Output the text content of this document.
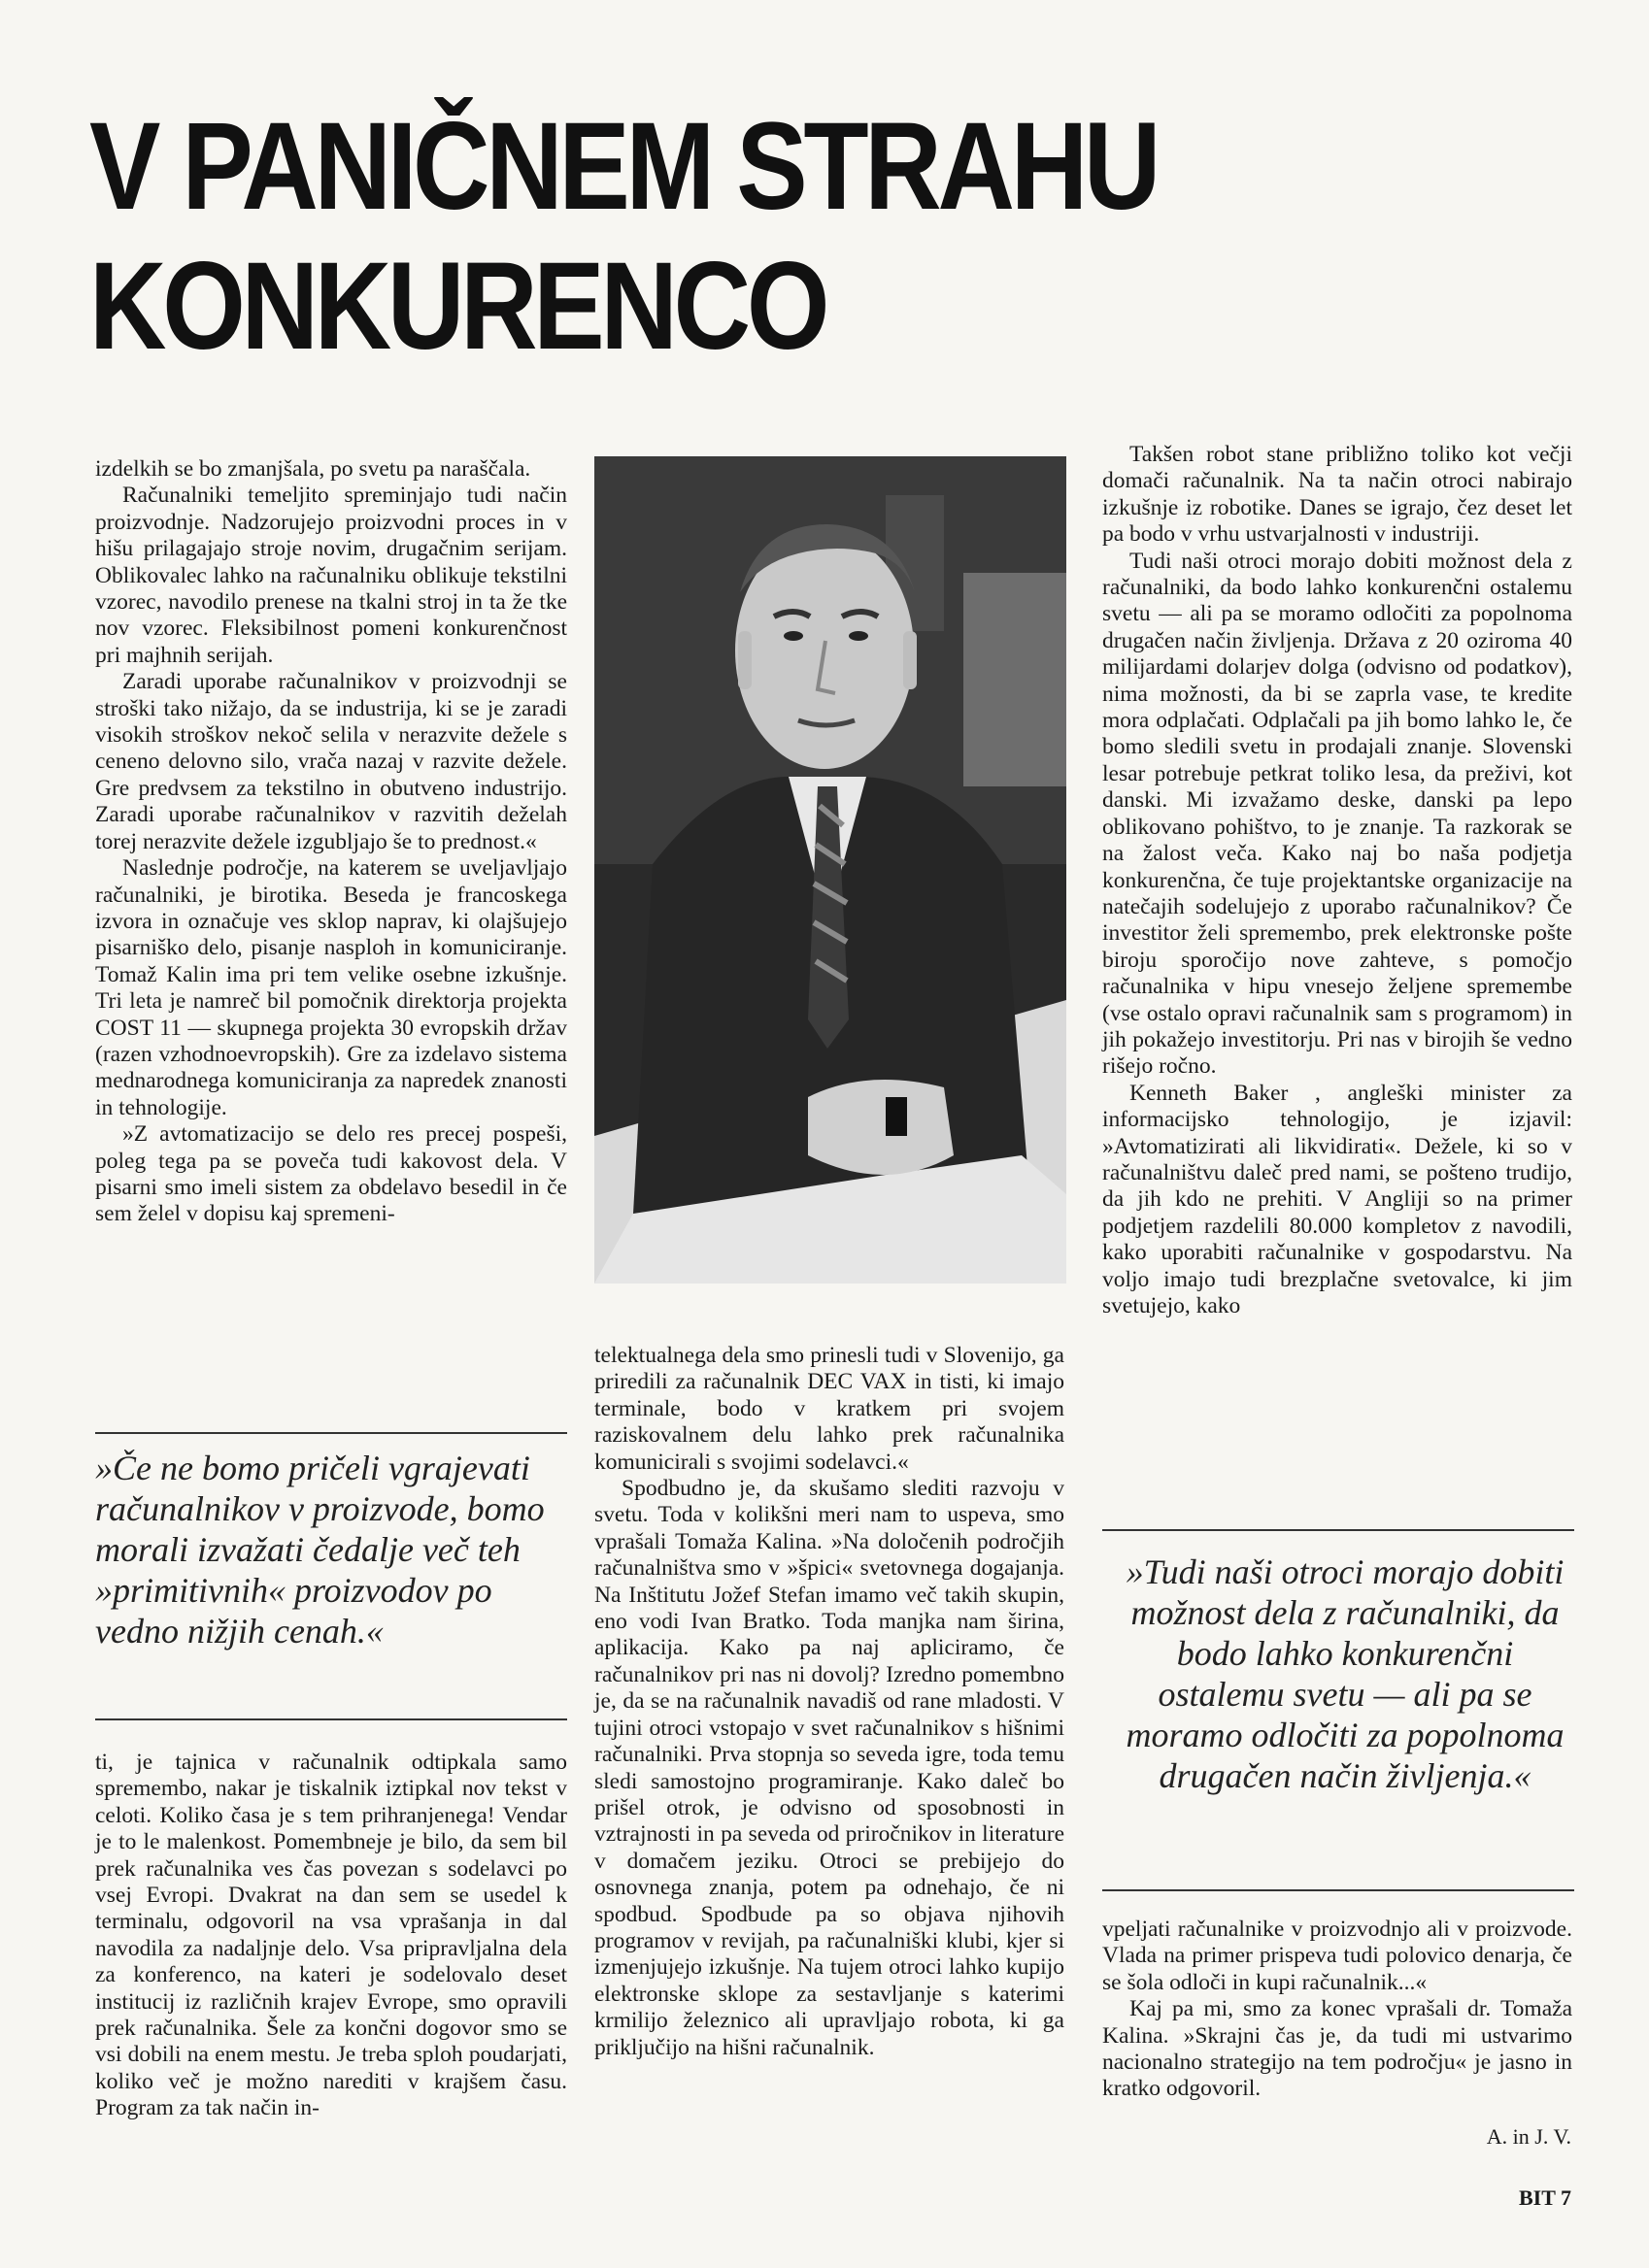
V PANIČNEM STRAHU
KONKURENCO

izdelkih se bo zmanjšala, po svetu pa naraščala.

Računalniki temeljito spreminjajo tudi način proizvodnje. Nadzorujejo proizvodni proces in v hišu prilagajajo stroje novim, drugačnim serijam. Oblikovalec lahko na računalniku oblikuje tekstilni vzorec, navodilo prenese na tkalni stroj in ta že tke nov vzorec. Fleksibilnost pomeni konkurenčnost pri majhnih serijah.

Zaradi uporabe računalnikov v proizvodnji se stroški tako nižajo, da se industrija, ki se je zaradi visokih stroškov nekoč selila v nerazvite dežele s ceneno delovno silo, vrača nazaj v razvite dežele. Gre predvsem za tekstilno in obutveno industrijo. Zaradi uporabe računalnikov v razvitih deželah torej nerazvite dežele izgubljajo še to prednost.«

Naslednje področje, na katerem se uveljavljajo računalniki, je birotika. Beseda je francoskega izvora in označuje ves sklop naprav, ki olajšujejo pisarniško delo, pisanje nasploh in komuniciranje. Tomaž Kalin ima pri tem velike osebne izkušnje. Tri leta je namreč bil pomočnik direktorja projekta COST 11 — skupnega projekta 30 evropskih držav (razen vzhodnoevropskih). Gre za izdelavo sistema mednarodnega komuniciranja za napredek znanosti in tehnologije.

»Z avtomatizacijo se delo res precej pospeši, poleg tega pa se poveča tudi kakovost dela. V pisarni smo imeli sistem za obdelavo besedil in če sem želel v dopisu kaj spremeni-

»Če ne bomo pričeli vgrajevati računalnikov v proizvode, bomo morali izvažati čedalje več teh »primitivnih« proizvodov po vedno nižjih cenah.«

ti, je tajnica v računalnik odtipkala samo spremembo, nakar je tiskalnik iztipkal nov tekst v celoti. Koliko časa je s tem prihranjenega! Vendar je to le malenkost. Pomembneje je bilo, da sem bil prek računalnika ves čas povezan s sodelavci po vsej Evropi. Dvakrat na dan sem se usedel k terminalu, odgovoril na vsa vprašanja in dal navodila za nadaljnje delo. Vsa pripravljalna dela za konferenco, na kateri je sodelovalo deset institucij iz različnih krajev Evrope, smo opravili prek računalnika. Šele za končni dogovor smo se vsi dobili na enem mestu. Je treba sploh poudarjati, koliko več je možno narediti v krajšem času. Program za tak način in-

telektualnega dela smo prinesli tudi v Slovenijo, ga priredili za računalnik DEC VAX in tisti, ki imajo terminale, bodo v kratkem pri svojem raziskovalnem delu lahko prek računalnika komunicirali s svojimi sodelavci.«

Spodbudno je, da skušamo slediti razvoju v svetu. Toda v kolikšni meri nam to uspeva, smo vprašali Tomaža Kalina. »Na določenih področjih računalništva smo v »špici« svetovnega dogajanja. Na Inštitutu Jožef Stefan imamo več takih skupin, eno vodi Ivan Bratko. Toda manjka nam širina, aplikacija. Kako pa naj apliciramo, če računalnikov pri nas ni dovolj? Izredno pomembno je, da se na računalnik navadiš od rane mladosti. V tujini otroci vstopajo v svet računalnikov s hišnimi računalniki. Prva stopnja so seveda igre, toda temu sledi samostojno programiranje. Kako daleč bo prišel otrok, je odvisno od sposobnosti in vztrajnosti in pa seveda od priročnikov in literature v domačem jeziku. Otroci se prebijejo do osnovnega znanja, potem pa odnehajo, če ni spodbud. Spodbude pa so objava njihovih programov v revijah, pa računalniški klubi, kjer si izmenjujejo izkušnje. Na tujem otroci lahko kupijo elektronske sklope za sestavljanje s katerimi krmilijo železnico ali upravljajo robota, ki ga priključijo na hišni računalnik.

Takšen robot stane približno toliko kot večji domači računalnik. Na ta način otroci nabirajo izkušnje iz robotike. Danes se igrajo, čez deset let pa bodo v vrhu ustvarjalnosti v industriji.

Tudi naši otroci morajo dobiti možnost dela z računalniki, da bodo lahko konkurenčni ostalemu svetu — ali pa se moramo odločiti za popolnoma drugačen način življenja. Država z 20 oziroma 40 milijardami dolarjev dolga (odvisno od podatkov), nima možnosti, da bi se zaprla vase, te kredite mora odplačati. Odplačali pa jih bomo lahko le, če bomo sledili svetu in prodajali znanje. Slovenski lesar potrebuje petkrat toliko lesa, da preživi, kot danski. Mi izvažamo deske, danski pa lepo oblikovano pohištvo, to je znanje. Ta razkorak se na žalost veča. Kako naj bo naša podjetja konkurenčna, če tuje projektantske organizacije na natečajih sodelujejo z uporabo računalnikov? Če investitor želi spremembo, prek elektronske pošte biroju sporočijo nove zahteve, s pomočjo računalnika v hipu vnesejo željene spremembe (vse ostalo opravi računalnik sam s programom) in jih pokažejo investitorju. Pri nas v birojih še vedno rišejo ročno.

Kenneth Baker , angleški minister za informacijsko tehnologijo, je izjavil: »Avtomatizirati ali likvidirati«. Dežele, ki so v računalništvu daleč pred nami, se pošteno trudijo, da jih kdo ne prehiti. V Angliji so na primer podjetjem razdelili 80.000 kompletov z navodili, kako uporabiti računalnike v gospodarstvu. Na voljo imajo tudi brezplačne svetovalce, ki jim svetujejo, kako

»Tudi naši otroci morajo dobiti možnost dela z računalniki, da bodo lahko konkurenčni ostalemu svetu — ali pa se moramo odločiti za popolnoma drugačen način življenja.«

vpeljati računalnike v proizvodnjo ali v proizvode. Vlada na primer prispeva tudi polovico denarja, če se šola odloči in kupi računalnik...«

Kaj pa mi, smo za konec vprašali dr. Tomaža Kalina. »Skrajni čas je, da tudi mi ustvarimo nacionalno strategijo na tem področju« je jasno in kratko odgovoril.

A. in J. V.
BIT 7
